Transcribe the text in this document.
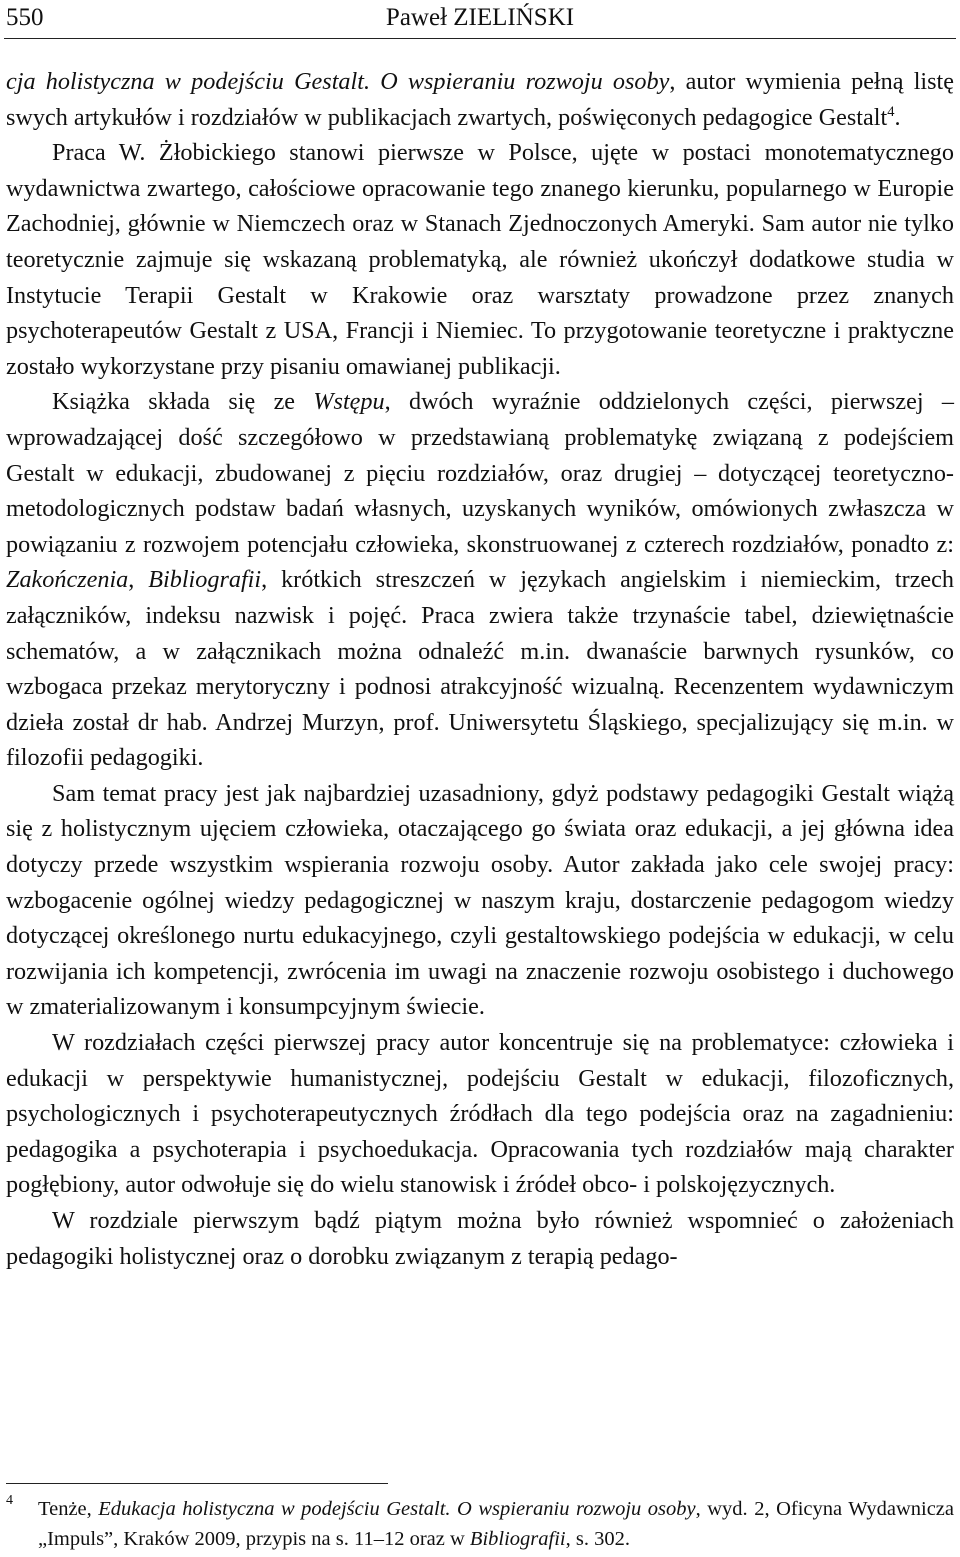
550	Paweł ZIELIŃSKI

cja holistyczna w podejściu Gestalt. O wspieraniu rozwoju osoby, autor wymienia pełną listę swych artykułów i rozdziałów w publikacjach zwartych, poświęconych pedagogice Gestalt$^4$.

Praca W. Żłobickiego stanowi pierwsze w Polsce, ujęte w postaci monotematycznego wydawnictwa zwartego, całościowe opracowanie tego znanego kierunku, popularnego w Europie Zachodniej, głównie w Niemczech oraz w Stanach Zjednoczonych Ameryki. Sam autor nie tylko teoretycznie zajmuje się wskazaną problematyką, ale również ukończył dodatkowe studia w Instytucie Terapii Gestalt w Krakowie oraz warsztaty prowadzone przez znanych psychoterapeutów Gestalt z USA, Francji i Niemiec. To przygotowanie teoretyczne i praktyczne zostało wykorzystane przy pisaniu omawianej publikacji.

Książka składa się ze Wstępu, dwóch wyraźnie oddzielonych części, pierwszej – wprowadzającej dość szczegółowo w przedstawianą problematykę związaną z podejściem Gestalt w edukacji, zbudowanej z pięciu rozdziałów, oraz drugiej – dotyczącej teoretyczno-metodologicznych podstaw badań własnych, uzyskanych wyników, omówionych zwłaszcza w powiązaniu z rozwojem potencjału człowieka, skonstruowanej z czterech rozdziałów, ponadto z: Zakończenia, Bibliografii, krótkich streszczeń w językach angielskim i niemieckim, trzech załączników, indeksu nazwisk i pojęć. Praca zwiera także trzynaście tabel, dziewiętnaście schematów, a w załącznikach można odnaleźć m.in. dwanaście barwnych rysunków, co wzbogaca przekaz merytoryczny i podnosi atrakcyjność wizualną. Recenzentem wydawniczym dzieła został dr hab. Andrzej Murzyn, prof. Uniwersytetu Śląskiego, specjalizujący się m.in. w filozofii pedagogiki.

Sam temat pracy jest jak najbardziej uzasadniony, gdyż podstawy pedagogiki Gestalt wiążą się z holistycznym ujęciem człowieka, otaczającego go świata oraz edukacji, a jej główna idea dotyczy przede wszystkim wspierania rozwoju osoby. Autor zakłada jako cele swojej pracy: wzbogacenie ogólnej wiedzy pedagogicznej w naszym kraju, dostarczenie pedagogom wiedzy dotyczącej określonego nurtu edukacyjnego, czyli gestaltowskiego podejścia w edukacji, w celu rozwijania ich kompetencji, zwrócenia im uwagi na znaczenie rozwoju osobistego i duchowego w zmaterializowanym i konsumpcyjnym świecie.

W rozdziałach części pierwszej pracy autor koncentruje się na problematyce: człowieka i edukacji w perspektywie humanistycznej, podejściu Gestalt w edukacji, filozoficznych, psychologicznych i psychoterapeutycznych źródłach dla tego podejścia oraz na zagadnieniu: pedagogika a psychoterapia i psychoedukacja. Opracowania tych rozdziałów mają charakter pogłębiony, autor odwołuje się do wielu stanowisk i źródeł obco- i polskojęzycznych.

W rozdziale pierwszym bądź piątym można było również wspomnieć o założeniach pedagogiki holistycznej oraz o dorobku związanym z terapią pedago-

4 Tenże, Edukacja holistyczna w podejściu Gestalt. O wspieraniu rozwoju osoby, wyd. 2, Oficyna Wydawnicza „Impuls”, Kraków 2009, przypis na s. 11–12 oraz w Bibliografii, s. 302.
